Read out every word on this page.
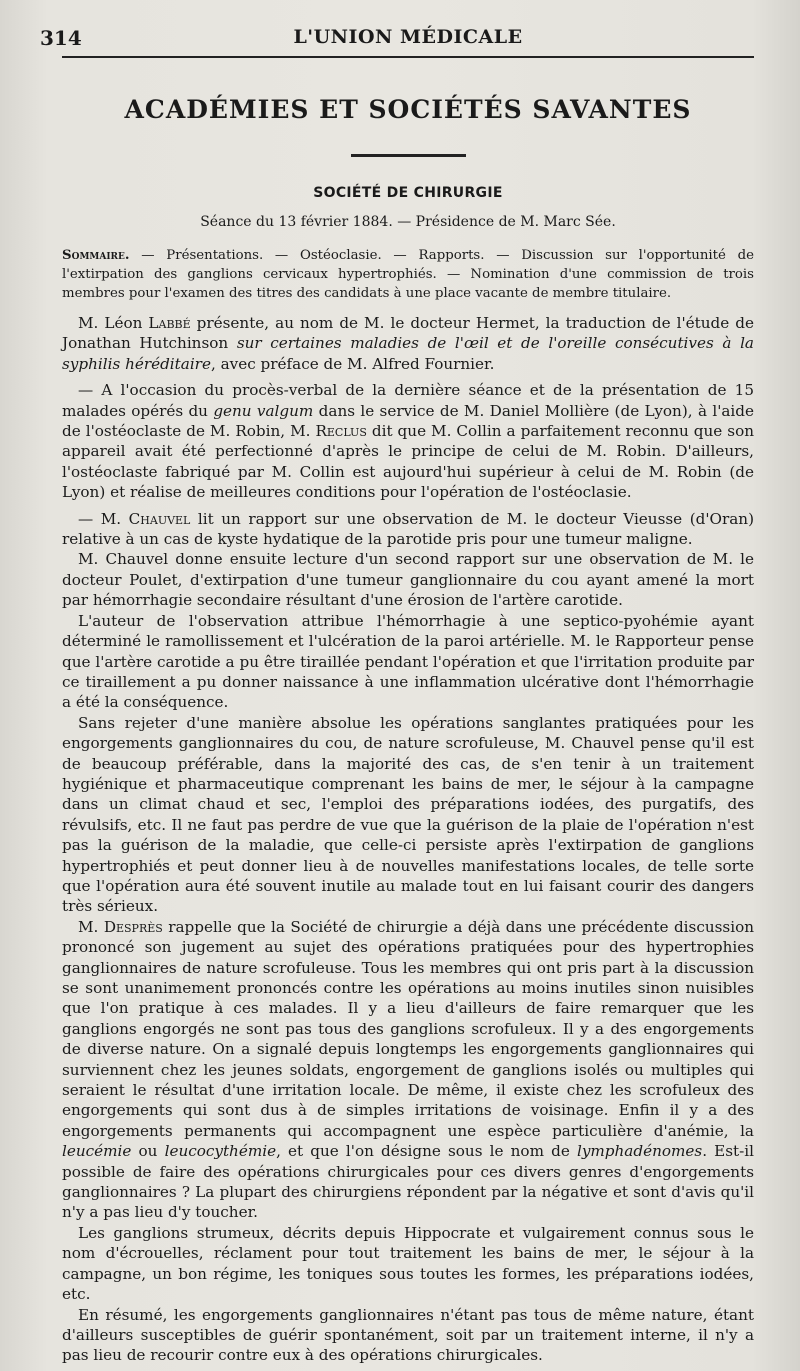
314	L'UNION MÉDICALE
ACADÉMIES ET SOCIÉTÉS SAVANTES
SOCIÉTÉ DE CHIRURGIE
Séance du 13 février 1884. — Présidence de M. Marc Sée.
Sommaire. — Présentations. — Ostéoclasie. — Rapports. — Discussion sur l'opportunité de l'extirpation des ganglions cervicaux hypertrophiés. — Nomination d'une commission de trois membres pour l'examen des titres des candidats à une place vacante de membre titulaire.

M. Léon Labbé présente, au nom de M. le docteur Hermet, la traduction de l'étude de Jonathan Hutchinson sur certaines maladies de l'œil et de l'oreille consécutives à la syphilis héréditaire, avec préface de M. Alfred Fournier.

— A l'occasion du procès-verbal de la dernière séance et de la présentation de 15 malades opérés du genu valgum dans le service de M. Daniel Mollière (de Lyon), à l'aide de l'ostéoclaste de M. Robin, M. Reclus dit que M. Collin a parfaitement reconnu que son appareil avait été perfectionné d'après le principe de celui de M. Robin. D'ailleurs, l'ostéoclaste fabriqué par M. Collin est aujourd'hui supérieur à celui de M. Robin (de Lyon) et réalise de meilleures conditions pour l'opération de l'ostéoclasie.

— M. Chauvel lit un rapport sur une observation de M. le docteur Vieusse (d'Oran) relative à un cas de kyste hydatique de la parotide pris pour une tumeur maligne.

M. Chauvel donne ensuite lecture d'un second rapport sur une observation de M. le docteur Poulet, d'extirpation d'une tumeur ganglionnaire du cou ayant amené la mort par hémorrhagie secondaire résultant d'une érosion de l'artère carotide.

L'auteur de l'observation attribue l'hémorrhagie à une septico-pyohémie ayant déterminé le ramollissement et l'ulcération de la paroi artérielle. M. le Rapporteur pense que l'artère carotide a pu être tiraillée pendant l'opération et que l'irritation produite par ce tiraillement a pu donner naissance à une inflammation ulcérative dont l'hémorrhagie a été la conséquence.

Sans rejeter d'une manière absolue les opérations sanglantes pratiquées pour les engorgements ganglionnaires du cou, de nature scrofuleuse, M. Chauvel pense qu'il est de beaucoup préférable, dans la majorité des cas, de s'en tenir à un traitement hygiénique et pharmaceutique comprenant les bains de mer, le séjour à la campagne dans un climat chaud et sec, l'emploi des préparations iodées, des purgatifs, des révulsifs, etc. Il ne faut pas perdre de vue que la guérison de la plaie de l'opération n'est pas la guérison de la maladie, que celle-ci persiste après l'extirpation de ganglions hypertrophiés et peut donner lieu à de nouvelles manifestations locales, de telle sorte que l'opération aura été souvent inutile au malade tout en lui faisant courir des dangers très sérieux.

M. Desprès rappelle que la Société de chirurgie a déjà dans une précédente discussion prononcé son jugement au sujet des opérations pratiquées pour des hypertrophies ganglionnaires de nature scrofuleuse. Tous les membres qui ont pris part à la discussion se sont unanimement prononcés contre les opérations au moins inutiles sinon nuisibles que l'on pratique à ces malades. Il y a lieu d'ailleurs de faire remarquer que les ganglions engorgés ne sont pas tous des ganglions scrofuleux. Il y a des engorgements de diverse nature. On a signalé depuis longtemps les engorgements ganglionnaires qui surviennent chez les jeunes soldats, engorgement de ganglions isolés ou multiples qui seraient le résultat d'une irritation locale. De même, il existe chez les scrofuleux des engorgements qui sont dus à de simples irritations de voisinage. Enfin il y a des engorgements permanents qui accompagnent une espèce particulière d'anémie, la leucémie ou leucocythémie, et que l'on désigne sous le nom de lymphadénomes. Est-il possible de faire des opérations chirurgicales pour ces divers genres d'engorgements ganglionnaires ? La plupart des chirurgiens répondent par la négative et sont d'avis qu'il n'y a pas lieu d'y toucher.

Les ganglions strumeux, décrits depuis Hippocrate et vulgairement connus sous le nom d'écrouelles, réclament pour tout traitement les bains de mer, le séjour à la campagne, un bon régime, les toniques sous toutes les formes, les préparations iodées, etc.

En résumé, les engorgements ganglionnaires n'étant pas tous de même nature, étant d'ailleurs susceptibles de guérir spontanément, soit par un traitement interne, il n'y a pas lieu de recourir contre eux à des opérations chirurgicales.
